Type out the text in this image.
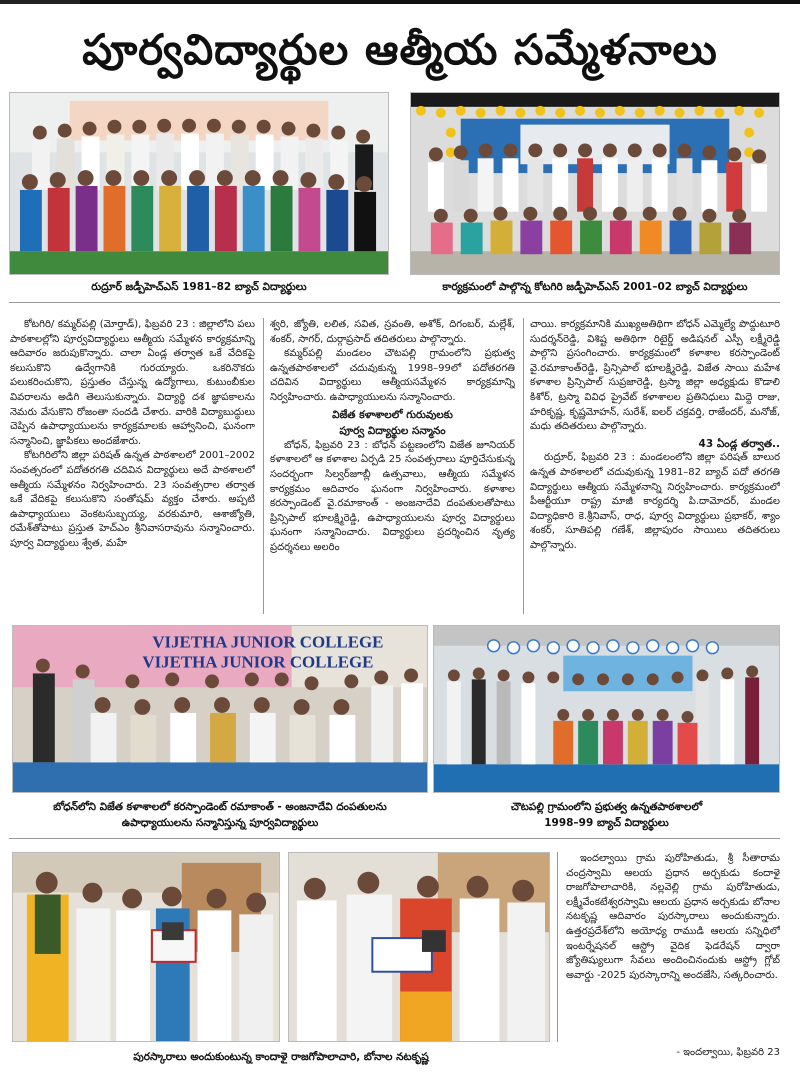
పూర్వవిద్యార్థుల ఆత్మీయ సమ్మేళనాలు
రుద్రూర్ జడ్పీహెచ్ఎస్ 1981–82 బ్యాచ్ విద్యార్థులు	కార్యక్రమంలో పాల్గొన్న కోటగిరి జడ్పీహెచ్ఎస్ 2001–02 బ్యాచ్ విద్యార్థులు

కోటగిరి/ కమ్మర్‌పల్లి (మోర్తాడ్), ఫిబ్రవరి 23 : జిల్లాలోని పలు పాఠశాలల్లోని పూర్వవిద్యార్థులు ఆత్మీయ సమ్మేళన కార్యక్రమాన్ని ఆదివారం జరుపుకొన్నారు. చాలా ఏండ్ల తర్వాత ఒకే వేదికపై కలుసుకొని ఉద్వేగానికి గురయ్యారు. ఒకరినొకరు పలుకరించుకొని, ప్రస్తుతం చేస్తున్న ఉద్యోగాలు, కుటుంబీకుల వివరాలను అడిగి తెలుసుకున్నారు. విద్యార్థి దశ జ్ఞాపకాలను నెమరు వేసుకొని రోజంతా సందడి చేశారు. వారికి విద్యాబుద్ధులు చెప్పిన ఉపాధ్యాయులను కార్యక్రమాలకు ఆహ్వానించి, ఘనంగా సన్మానించి, జ్ఞాపికలు అందజేశారు.

కోటగిరిలోని జిల్లా పరిషత్ ఉన్నత పాఠశాలలో 2001–2002 సంవత్సరంలో పదోతరగతి చదివిన విద్యార్థులు అదే పాఠశాలలో ఆత్మీయ సమ్మేళనం నిర్వహించారు. 23 సంవత్సరాల తర్వాత ఒకే వేదికపై కలుసుకొని సంతోషమ్ వ్యక్తం చేశారు. అప్పటి ఉపాధ్యాయులు వెంకటసుబ్బయ్య, వరకుమారి, ఆశాజ్యోతి, రమేశ్‌తోపాటు ప్రస్తుత హెచ్ఎం శ్రీనివాసరావును సన్మానించారు. పూర్వ విద్యార్థులు శ్వేత, మహే

శ్వరి, జ్యోతి, లలిత, సవిత, స్రవంతి, అశోక్, దిగంబర్, మల్లేశ్, శంకర్, సాగర్, దుర్గాప్రసాద్ తదితరులు పాల్గొన్నారు.

కమ్మర్‌పల్లి మండలం చౌటపల్లి గ్రామంలోని ప్రభుత్వ ఉన్నతపాఠశాలలో చదువుకున్న 1998–99లో పదోతరగతి చదివిన విద్యార్థులు ఆత్మీయసమ్మేళన కార్యక్రమాన్ని నిర్వహించారు. ఉపాధ్యాయులను సన్మానించారు.

విజేత కళాశాలలో గురువులకు

పూర్వ విద్యార్థుల సన్మానం

బోధన్, ఫిబ్రవరి 23 : బోధన్ పట్టణంలోని విజేత జూనియర్ కళాశాలలో ఆ కళాశాల ఏర్పడి 25 సంవత్సరాలు పూర్తిచేసుకున్న సందర్భంగా సిల్వర్‌జూబ్లీ ఉత్సవాలు, ఆత్మీయ సమ్మేళన కార్యక్రమం ఆదివారం ఘనంగా నిర్వహించారు. కళాశాల కరస్పాండెంట్ వై.రమాకాంత్ - అంజనాదేవి దంపతులతోపాటు ప్రిన్సిపాల్ భూలక్ష్మిరెడ్డి, ఉపాధ్యాయులను పూర్వ విద్యార్థులు ఘనంగా సన్మానించారు. విద్యార్థులు ప్రదర్శించిన నృత్య ప్రదర్శనలు అలరిం

చాయి. కార్యక్రమానికి ముఖ్యఅతిథిగా బోధన్ ఎమ్మెల్యే పొద్దుటూరి సుదర్శన్‌రెడ్డి, విశిష్ట అతిథిగా రిటైర్డ్ అడిషనల్ ఎస్పీ లక్ష్మీరెడ్డి పాల్గొని ప్రసంగించారు. కార్యక్రమంలో కళాశాల కరస్పాండెంట్ వై.రమాకాంత్‌రెడ్డి, ప్రిన్సిపాల్ భూలక్ష్మిరెడ్డి, విజేత సాయి మహేశ కళాశాల ప్రిన్సిపాల్ సుప్రజారెడ్డి, ట్రస్మా జిల్లా అధ్యక్షుడు కొడాలి కిశోర్, ట్రస్మా వివిధ ప్రైవేట్ కళాశాలల ప్రతినిధులు మిద్దె రాజు, హరికృష్ణ, కృష్ణమోహన్, సురేశ్, ఐలర్ చక్రవర్తి, రాజేందర్, మనోజ్, మధు తదితరులు పాల్గొన్నారు.

43 ఏండ్ల తర్వాత..

రుద్రూర్, ఫిబ్రవరి 23 : మండలంలోని జిల్లా పరిషత్ బాలుర ఉన్నత పాఠశాలలో చదువుకున్న 1981–82 బ్యాచ్ పదో తరగతి విద్యార్థులు ఆత్మీయ సమ్మేళనాన్ని నిర్వహించారు. కార్యక్రమంలో పీఆర్టీయూ రాష్ట్ర మాజీ కార్యదర్శి పి.దామోదర్, మండల విద్యాధికారి కె.శ్రీనివాస్, రాధ, పూర్వ విద్యార్థులు ప్రభాకర్, శ్యాం శంకర్, సూతిపల్లి గణేశ్, జిల్లాపురం సాయిలు తదితరులు పాల్గొన్నారు.

VIJETHA JUNIOR COLLEGE
VIJETHA JUNIOR COLLEGE
బోధన్‌లోని విజేత కళాశాలలో కరస్పాండెంట్ రమాకాంత్ - అంజనాదేవి దంపతులను
ఉపాధ్యాయులను సన్మానిస్తున్న పూర్వవిద్యార్థులు
చౌటపల్లి గ్రామంలోని ప్రభుత్వ ఉన్నతపాఠశాలలో
1998–99 బ్యాచ్ విద్యార్థులు
పురస్కారాలు అందుకుంటున్న కాందాళై రాజగోపాలాచారి, బోనాల నటకృష్ణ

ఇందల్వాయి గ్రామ పురోహితుడు, శ్రీ సీతారామ చంద్రస్వామి ఆలయ ప్రధాన అర్చకుడు కందాళై రాజగోపాలాచారికి, నల్లవెల్లి గ్రామ పురోహితుడు, లక్ష్మీవేంకటేశ్వరస్వామి ఆలయ ప్రధాన అర్చకుడు బోనాల నటకృష్ణ ఆదివారం పురస్కారాలు అందుకున్నారు. ఉత్తరప్రదేశ్‌లోని అయోధ్య రాముడి ఆలయ సన్నిధిలో ఇంటర్నేషనల్ ఆస్ట్రో వైదిక ఫెడరేషన్ ద్వారా జ్యోతిష్యులుగా సేవలు అందించినందుకు ఆస్ట్రో గ్లోబ్ అవార్డు -2025 పురస్కారాన్ని అందజేసి, సత్కరించారు.

- ఇందల్వాయి, ఫిబ్రవరి 23
